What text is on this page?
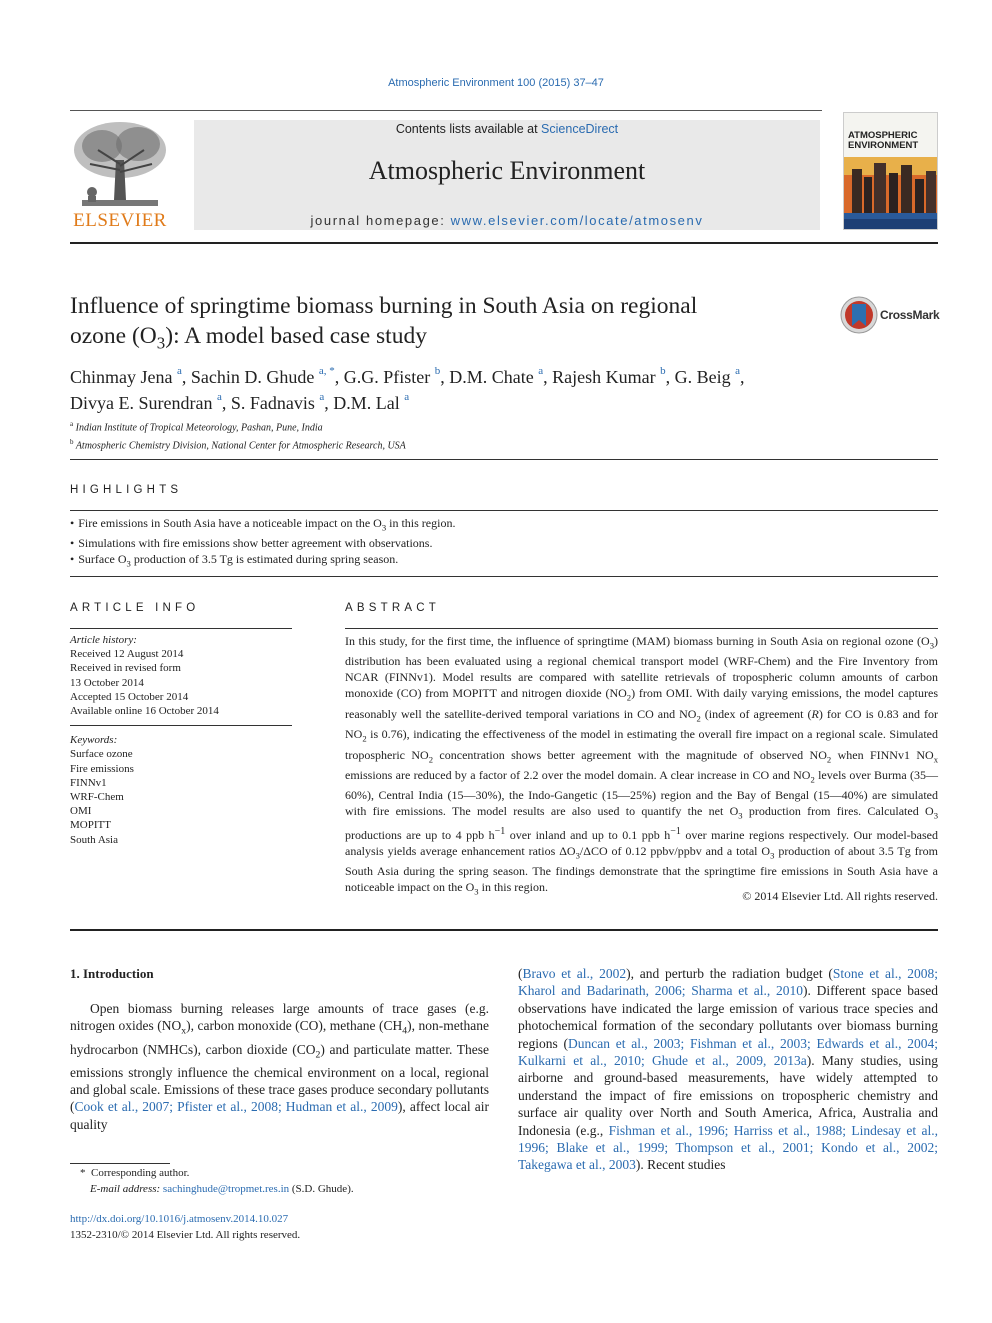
Atmospheric Environment 100 (2015) 37–47
ELSEVIER
Contents lists available at ScienceDirect
Atmospheric Environment
journal homepage: www.elsevier.com/locate/atmosenv
ATMOSPHERIC
ENVIRONMENT
Influence of springtime biomass burning in South Asia on regional
ozone $(O_3)$: A model based case study
CrossMark
Chinmay Jena $^a$, Sachin D. Ghude $^{a, *}$, G.G. Pfister $^b$, D.M. Chate $^a$, Rajesh Kumar $^b$, G. Beig $^a$,
Divya E. Surendran $^a$, S. Fadnavis $^a$, D.M. Lal $^a$
$^a$ Indian Institute of Tropical Meteorology, Pashan, Pune, India
$^b$ Atmospheric Chemistry Division, National Center for Atmospheric Research, USA
HIGHLIGHTS
• Fire emissions in South Asia have a noticeable impact on the $O_3$ in this region.
• Simulations with fire emissions show better agreement with observations.
• Surface $O_3$ production of 3.5 Tg is estimated during spring season.
ARTICLE INFO
Article history:
Received 12 August 2014
Received in revised form
13 October 2014
Accepted 15 October 2014
Available online 16 October 2014
Keywords:
Surface ozone
Fire emissions
FINNv1
WRF-Chem
OMI
MOPITT
South Asia
ABSTRACT
In this study, for the first time, the influence of springtime (MAM) biomass burning in South Asia on regional ozone $(O_3)$ distribution has been evaluated using a regional chemical transport model (WRF-Chem) and the Fire Inventory from NCAR (FINNv1). Model results are compared with satellite retrievals of tropospheric column amounts of carbon monoxide (CO) from MOPITT and nitrogen dioxide $(NO_2)$ from OMI. With daily varying emissions, the model captures reasonably well the satellite-derived temporal variations in CO and $NO_2$ (index of agreement (R) for CO is 0.83 and for $NO_2$ is 0.76), indicating the effectiveness of the model in estimating the overall fire impact on a regional scale. Simulated tropospheric $NO_2$ concentration shows better agreement with the magnitude of observed $NO_2$ when FINNv1 $NO_x$ emissions are reduced by a factor of 2.2 over the model domain. A clear increase in CO and $NO_2$ levels over Burma (35—60%), Central India (15—30%), the Indo-Gangetic (15—25%) region and the Bay of Bengal (15—40%) are simulated with fire emissions. The model results are also used to quantify the net $O_3$ production from fires. Calculated $O_3$ productions are up to 4 ppb $h^{-1}$ over inland and up to 0.1 ppb $h^{-1}$ over marine regions respectively. Our model-based analysis yields average enhancement ratios $\Delta O_3$/ΔCO of 0.12 ppbv/ppbv and a total $O_3$ production of about 3.5 Tg from South Asia during the spring season. The findings demonstrate that the springtime fire emissions in South Asia have a noticeable impact on the $O_3$ in this region.
© 2014 Elsevier Ltd. All rights reserved.
1. Introduction
Open biomass burning releases large amounts of trace gases (e.g. nitrogen oxides $(NO_x)$, carbon monoxide (CO), methane $(CH_4)$, non-methane hydrocarbon (NMHCs), carbon dioxide $(CO_2)$ and particulate matter. These emissions strongly influence the chemical environment on a local, regional and global scale. Emissions of these trace gases produce secondary pollutants (Cook et al., 2007; Pfister et al., 2008; Hudman et al., 2009), affect local air quality
(Bravo et al., 2002), and perturb the radiation budget (Stone et al., 2008; Kharol and Badarinath, 2006; Sharma et al., 2010). Different space based observations have indicated the large emission of various trace species and photochemical formation of the secondary pollutants over biomass burning regions (Duncan et al., 2003; Fishman et al., 2003; Edwards et al., 2004; Kulkarni et al., 2010; Ghude et al., 2009, 2013a). Many studies, using airborne and ground-based measurements, have widely attempted to understand the impact of fire emissions on tropospheric chemistry and surface air quality over North and South America, Africa, Australia and Indonesia (e.g., Fishman et al., 1996; Harriss et al., 1988; Lindesay et al., 1996; Blake et al., 1999; Thompson et al., 2001; Kondo et al., 2002; Takegawa et al., 2003). Recent studies
* Corresponding author.
E-mail address: sachinghude@tropmet.res.in (S.D. Ghude).
http://dx.doi.org/10.1016/j.atmosenv.2014.10.027
1352-2310/© 2014 Elsevier Ltd. All rights reserved.
